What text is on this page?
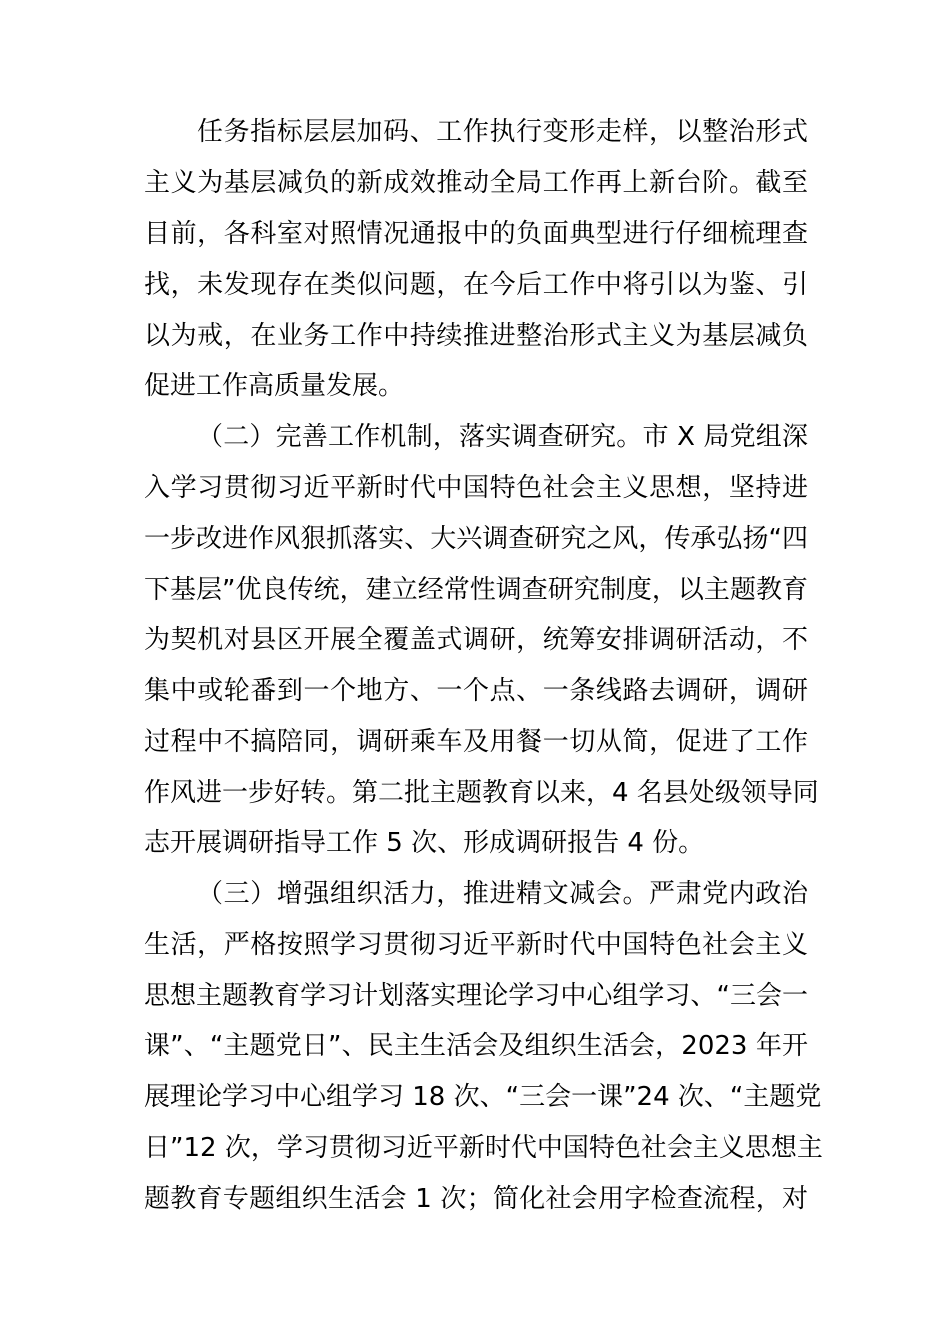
任务指标层层加码、工作执行变形走样，以整治形式
主义为基层减负的新成效推动全局工作再上新台阶。截至
目前，各科室对照情况通报中的负面典型进行仔细梳理查
找，未发现存在类似问题，在今后工作中将引以为鉴、引
以为戒，在业务工作中持续推进整治形式主义为基层减负
促进工作高质量发展。
（二）完善工作机制，落实调查研究。市 X 局党组深
入学习贯彻习近平新时代中国特色社会主义思想，坚持进
一步改进作风狠抓落实、大兴调查研究之风，传承弘扬“四
下基层”优良传统，建立经常性调查研究制度，以主题教育
为契机对县区开展全覆盖式调研，统筹安排调研活动，不
集中或轮番到一个地方、一个点、一条线路去调研，调研
过程中不搞陪同，调研乘车及用餐一切从简，促进了工作
作风进一步好转。第二批主题教育以来，4 名县处级领导同
志开展调研指导工作 5 次、形成调研报告 4 份。
（三）增强组织活力，推进精文减会。严肃党内政治
生活，严格按照学习贯彻习近平新时代中国特色社会主义
思想主题教育学习计划落实理论学习中心组学习、“三会一
课”、“主题党日”、民主生活会及组织生活会，2023 年开
展理论学习中心组学习 18 次、“三会一课”24 次、“主题党
日”12 次，学习贯彻习近平新时代中国特色社会主义思想主
题教育专题组织生活会 1 次；简化社会用字检查流程，对
